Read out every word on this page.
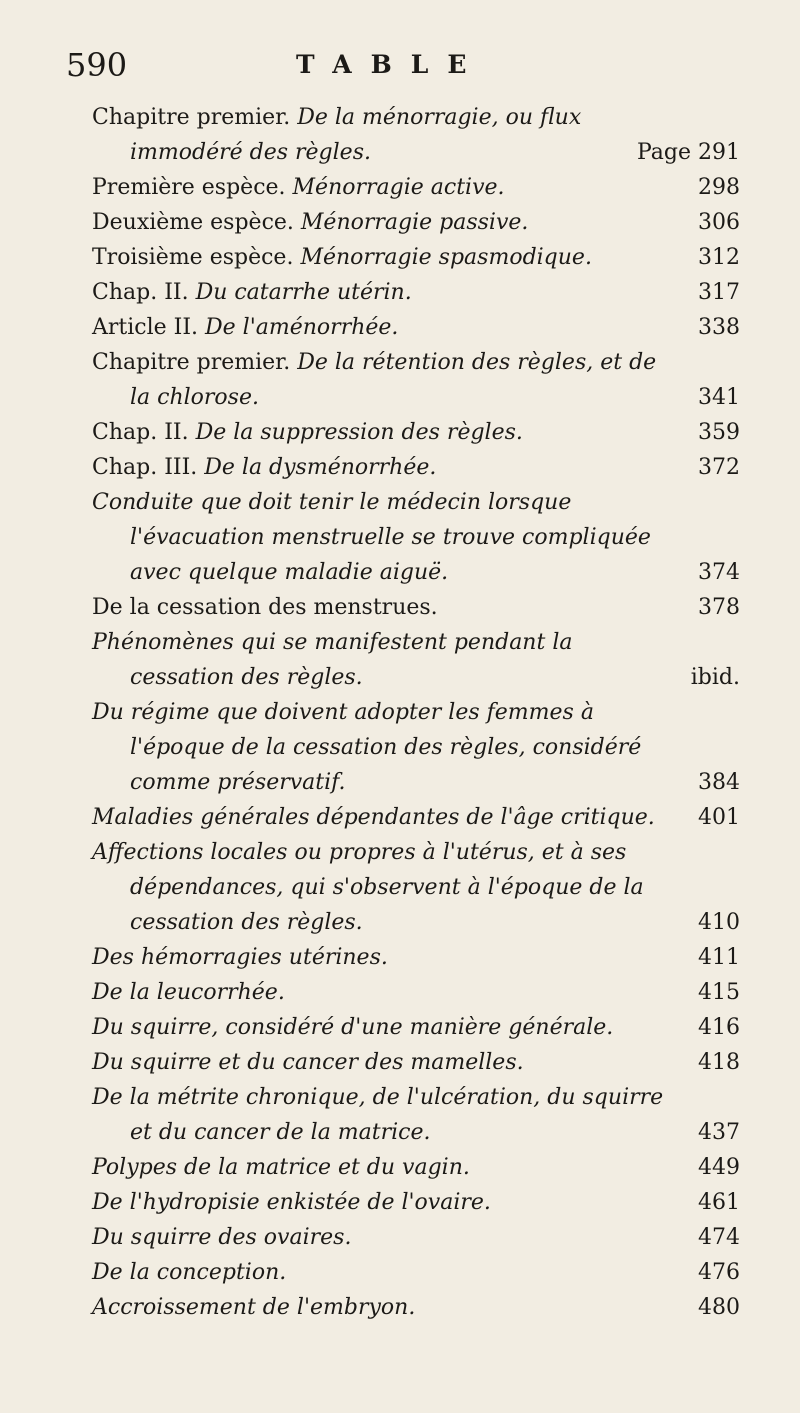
590	TABLE
Chapitre premier. De la ménorragie, ou flux immodéré des règles.	Page 291
Première espèce. Ménorragie active.	298
Deuxième espèce. Ménorragie passive.	306
Troisième espèce. Ménorragie spasmodique.	312
Chap. II. Du catarrhe utérin.	317
Article II. De l'aménorrhée.	338
Chapitre premier. De la rétention des règles, et de la chlorose.	341
Chap. II. De la suppression des règles.	359
Chap. III. De la dysménorrhée.	372
Conduite que doit tenir le médecin lorsque l'évacuation menstruelle se trouve compliquée avec quelque maladie aiguë.	374
De la cessation des menstrues.	378
Phénomènes qui se manifestent pendant la cessation des règles.	ibid.
Du régime que doivent adopter les femmes à l'époque de la cessation des règles, considéré comme préservatif.	384
Maladies générales dépendantes de l'âge critique. 401
Affections locales ou propres à l'utérus, et à ses dépendances, qui s'observent à l'époque de la cessation des règles.	410
Des hémorragies utérines.	411
De la leucorrhée.	415
Du squirre, considéré d'une manière générale.	416
Du squirre et du cancer des mamelles.	418
De la métrite chronique, de l'ulcération, du squirre et du cancer de la matrice.	437
Polypes de la matrice et du vagin.	449
De l'hydropisie enkistée de l'ovaire.	461
Du squirre des ovaires.	474
De la conception.	476
Accroissement de l'embryon.	480
